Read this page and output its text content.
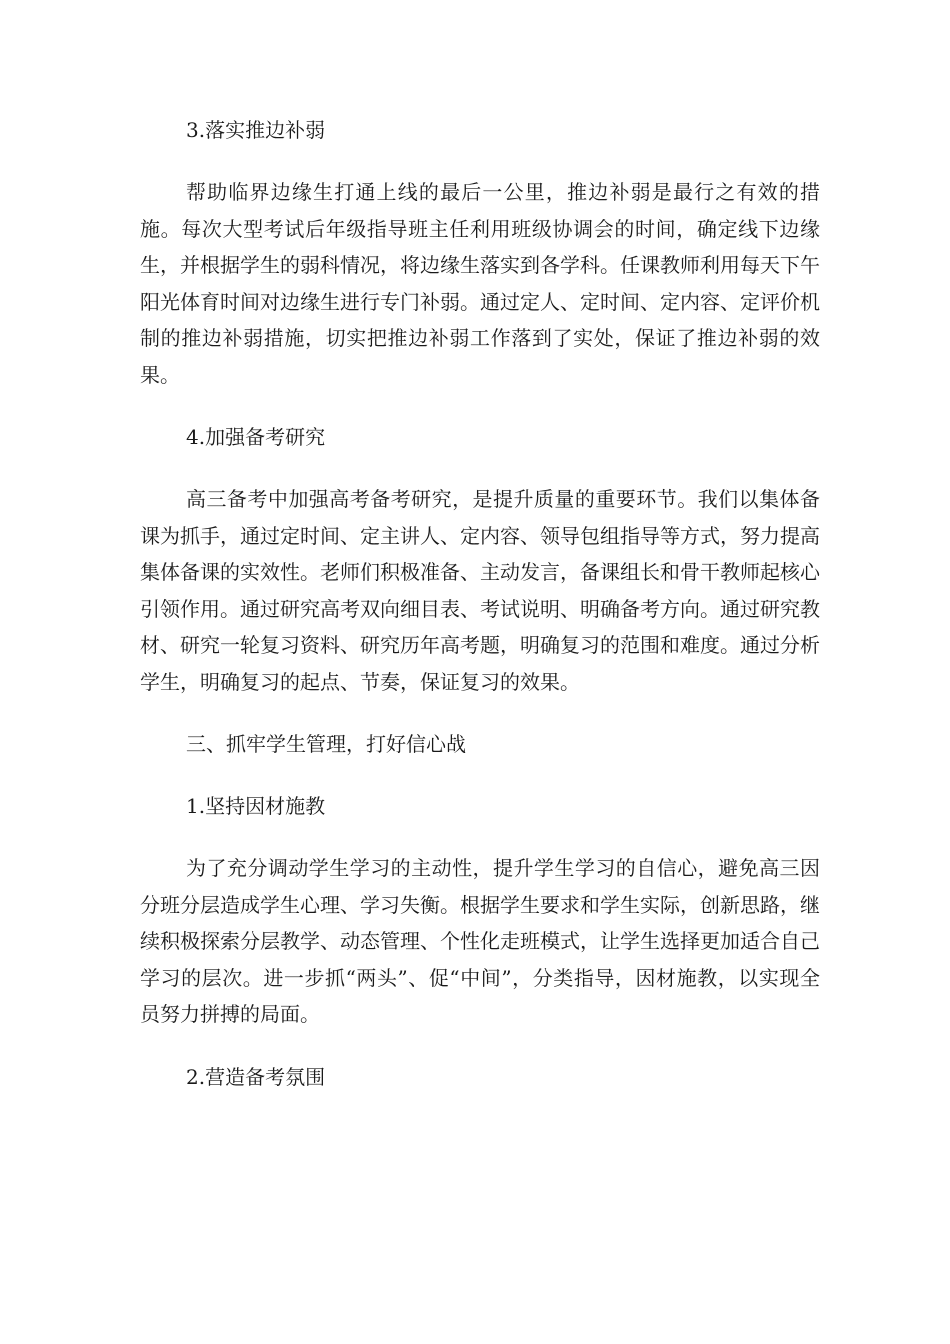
3.落实推边补弱
帮助临界边缘生打通上线的最后一公里，推边补弱是最行之有效的措施。每次大型考试后年级指导班主任利用班级协调会的时间，确定线下边缘生，并根据学生的弱科情况，将边缘生落实到各学科。任课教师利用每天下午阳光体育时间对边缘生进行专门补弱。通过定人、定时间、定内容、定评价机制的推边补弱措施，切实把推边补弱工作落到了实处，保证了推边补弱的效果。
4.加强备考研究
高三备考中加强高考备考研究，是提升质量的重要环节。我们以集体备课为抓手，通过定时间、定主讲人、定内容、领导包组指导等方式，努力提高集体备课的实效性。老师们积极准备、主动发言，备课组长和骨干教师起核心引领作用。通过研究高考双向细目表、考试说明、明确备考方向。通过研究教材、研究一轮复习资料、研究历年高考题，明确复习的范围和难度。通过分析学生，明确复习的起点、节奏，保证复习的效果。
三、抓牢学生管理，打好信心战
1.坚持因材施教
为了充分调动学生学习的主动性，提升学生学习的自信心，避免高三因分班分层造成学生心理、学习失衡。根据学生要求和学生实际，创新思路，继续积极探索分层教学、动态管理、个性化走班模式，让学生选择更加适合自己学习的层次。进一步抓“两头”、促“中间”，分类指导，因材施教，以实现全员努力拼搏的局面。
2.营造备考氛围
